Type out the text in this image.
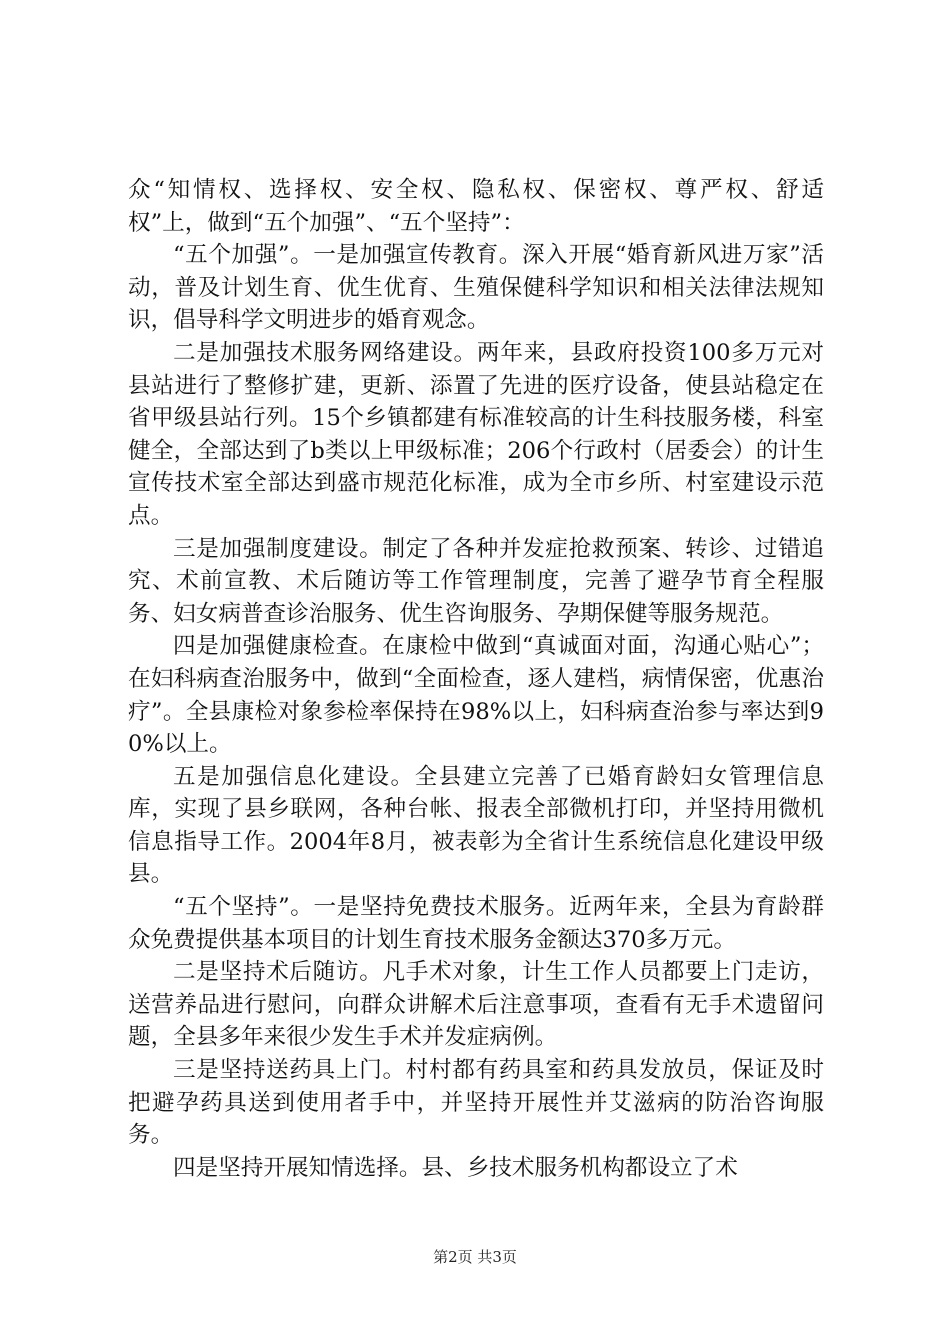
众“知情权、选择权、安全权、隐私权、保密权、尊严权、舒适权”上，做到“五个加强”、“五个坚持”：

“五个加强”。一是加强宣传教育。深入开展“婚育新风进万家”活动，普及计划生育、优生优育、生殖保健科学知识和相关法律法规知识，倡导科学文明进步的婚育观念。

二是加强技术服务网络建设。两年来，县政府投资100多万元对县站进行了整修扩建，更新、添置了先进的医疗设备，使县站稳定在省甲级县站行列。15个乡镇都建有标准较高的计生科技服务楼，科室健全，全部达到了b类以上甲级标准；206个行政村（居委会）的计生宣传技术室全部达到盛市规范化标准，成为全市乡所、村室建设示范点。

三是加强制度建设。制定了各种并发症抢救预案、转诊、过错追究、术前宣教、术后随访等工作管理制度，完善了避孕节育全程服务、妇女病普查诊治服务、优生咨询服务、孕期保健等服务规范。

四是加强健康检查。在康检中做到“真诚面对面，沟通心贴心”；在妇科病查治服务中，做到“全面检查，逐人建档，病情保密，优惠治疗”。全县康检对象参检率保持在98%以上，妇科病查治参与率达到90%以上。

五是加强信息化建设。全县建立完善了已婚育龄妇女管理信息库，实现了县乡联网，各种台帐、报表全部微机打印，并坚持用微机信息指导工作。2004年8月，被表彰为全省计生系统信息化建设甲级县。

“五个坚持”。一是坚持免费技术服务。近两年来，全县为育龄群众免费提供基本项目的计划生育技术服务金额达370多万元。

二是坚持术后随访。凡手术对象，计生工作人员都要上门走访，送营养品进行慰问，向群众讲解术后注意事项，查看有无手术遗留问题，全县多年来很少发生手术并发症病例。

三是坚持送药具上门。村村都有药具室和药具发放员，保证及时把避孕药具送到使用者手中，并坚持开展性并艾滋病的防治咨询服务。

四是坚持开展知情选择。县、乡技术服务机构都设立了术

第2页 共3页
